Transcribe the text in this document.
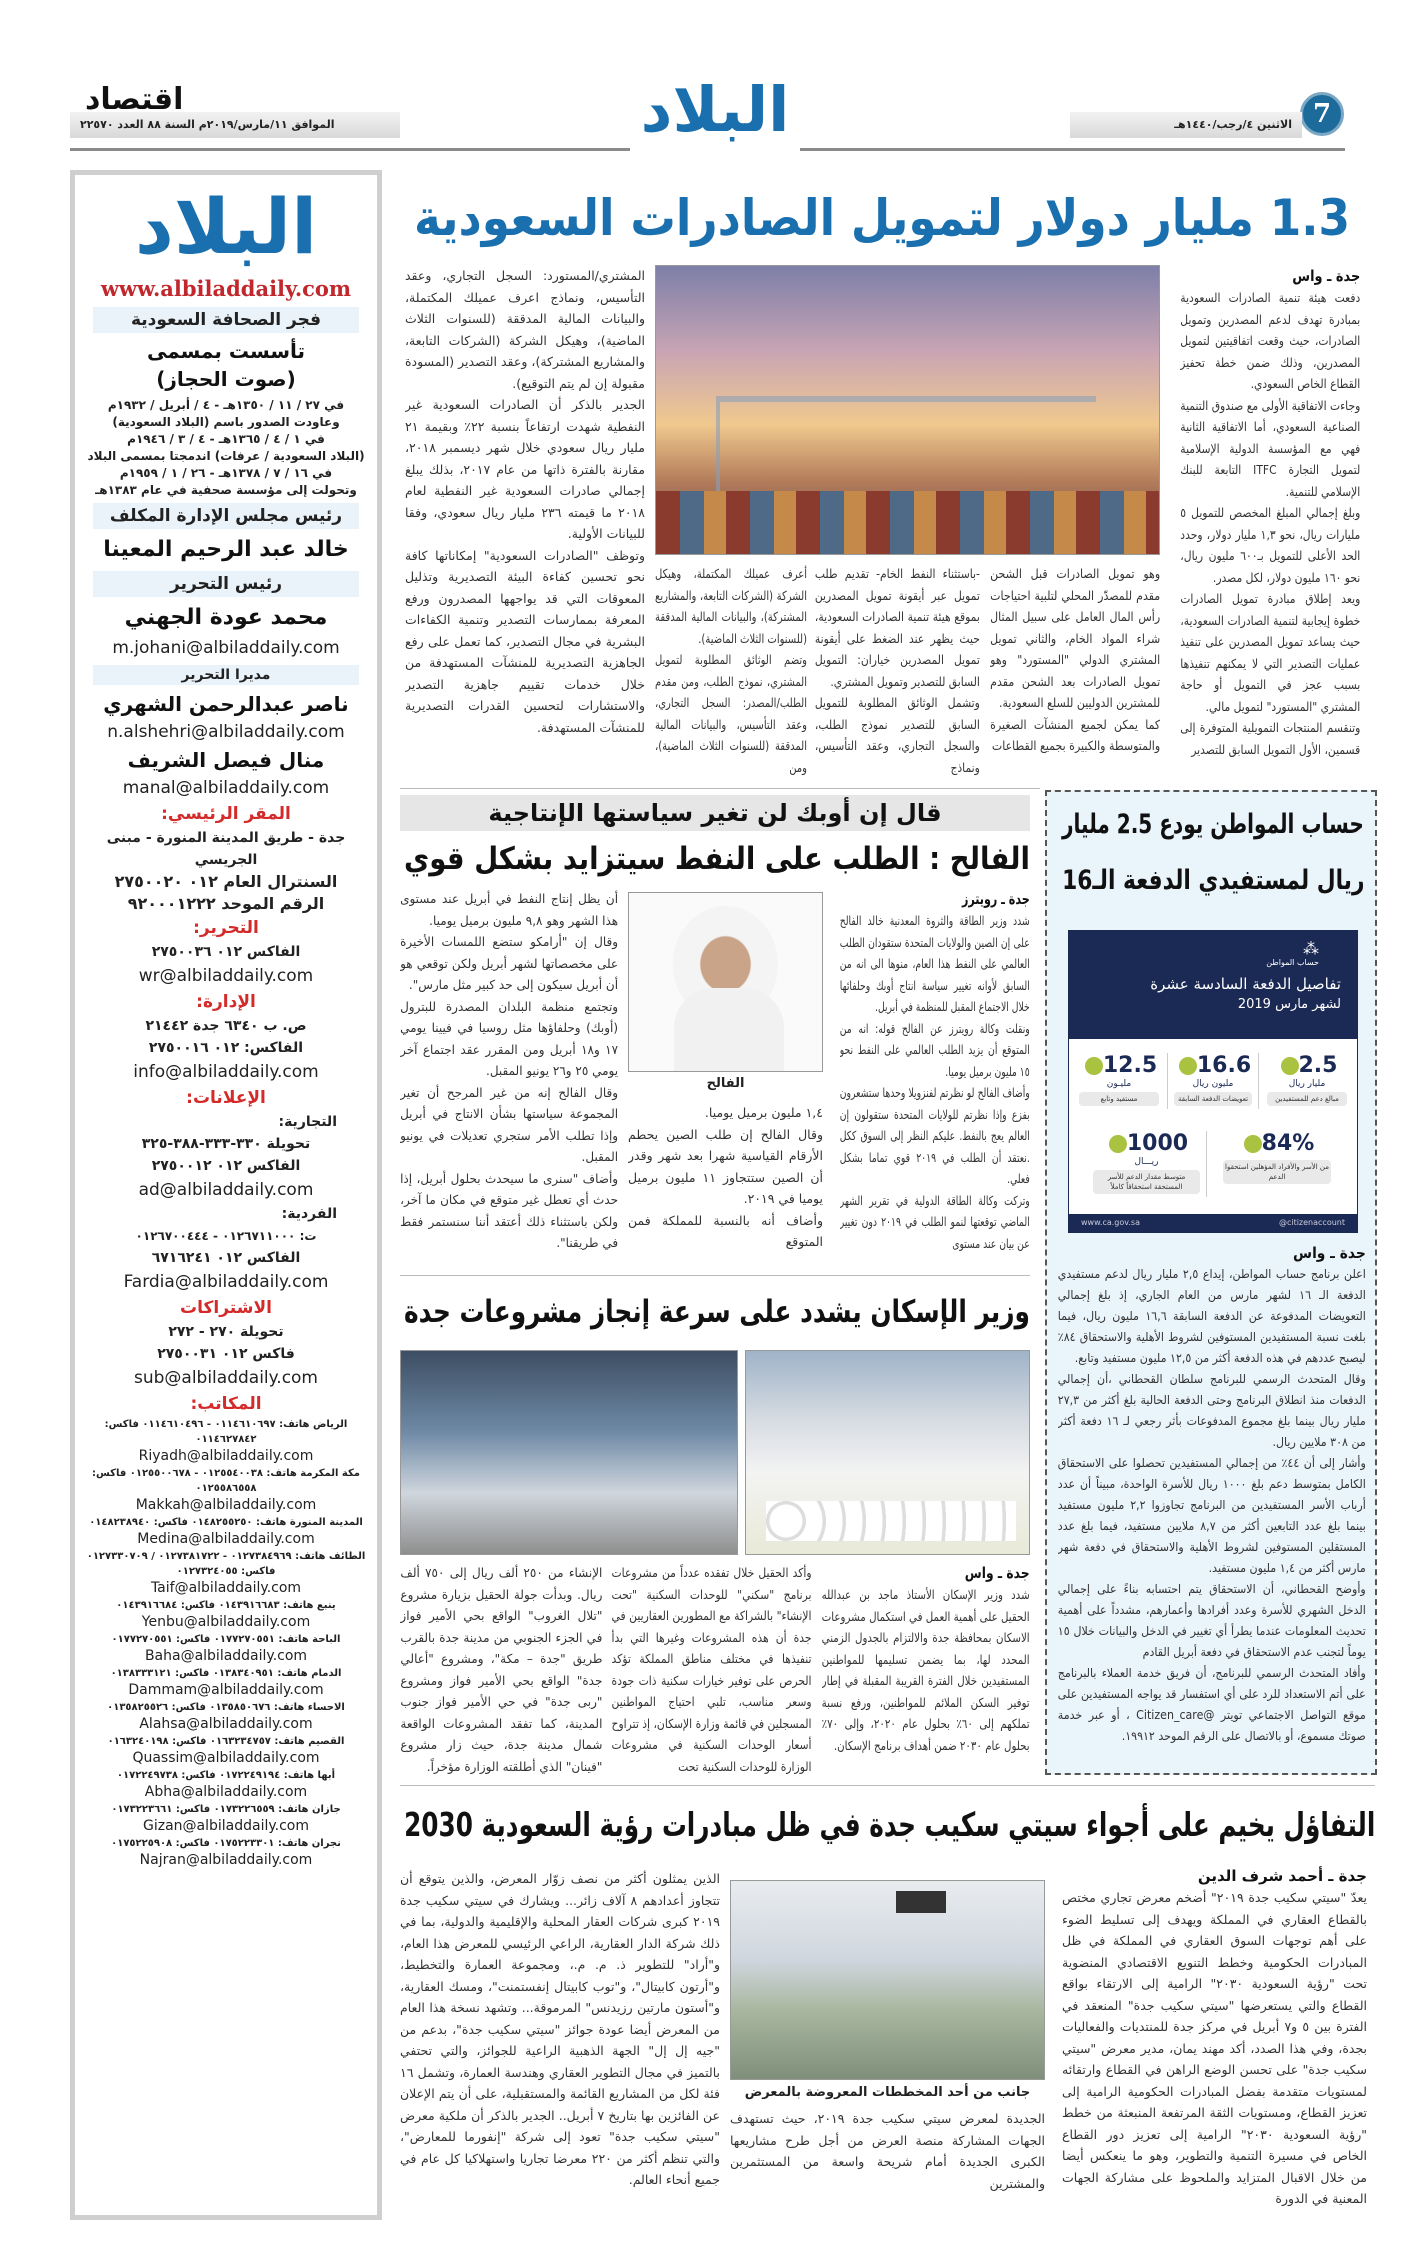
7
الاثنين ٤/رجب/١٤٤٠هـ
البلاد
الموافق ١١/مارس/٢٠١٩م السنة ٨٨ العدد ٢٢٥٧٠
اقتصاد
البلاد
www.albiladdaily.com
فجر الصحافة السعودية
تأسست بمسمى
(صوت الحجاز)
في ٢٧ / ١١ / ١٣٥٠هـ - ٤ / أبريل / ١٩٣٢م
وعاودت الصدور باسم (البلاد السعودية)
في ١ / ٤ / ١٣٦٥هـ - ٤ / ٣ / ١٩٤٦م
(البلاد السعودية / عرفات) اندمجتا بمسمى البلاد
في ١٦ / ٧ / ١٣٧٨هـ - ٢٦ / ١ / ١٩٥٩م
وتحولت إلى مؤسسة صحفية في عام ١٣٨٣هـ
رئيس مجلس الإدارة المكلف
خالد عبد الرحيم المعينا
رئيس التحرير
محمد عودة الجهني
m.johani@albiladdaily.com
مديرا التحرير
ناصر عبدالرحمن الشهري
n.alshehri@albiladdaily.com
منال فيصل الشريف
manal@albiladdaily.com
المقر الرئيسي:
جدة - طريق المدينة المنورة - مبنى الجريسي
السنترال العام ٠١٢ ٢٧٥٠٠٢٠
الرقم الموحد ٩٢٠٠٠١٢٢٢
التحرير:
الفاكس ٠١٢ ٢٧٥٠٠٣٦
wr@albiladdaily.com
الإدارة:
ص. ب ٦٣٤٠ جدة ٢١٤٤٢
الفاكس: ٠١٢ ٢٧٥٠٠١٦
info@albiladdaily.com
الإعلانات:
التجارية:
تحويلة ٣٣٠-٣٣٣-٣٨٨-٣٢٥
الفاكس ٠١٢ ٢٧٥٠٠١٢
ad@albiladdaily.com
الفردية:
ت: ٠١٢٦٧١١٠٠٠ - ٠١٢٦٧٠٠٤٤٤
الفاكس ٠١٢ ٦٧١٦٢٤١
Fardia@albiladdaily.com
الاشتراكات
تحويلة ٢٧٠ - ٢٧٢
فاكس ٠١٢ ٢٧٥٠٠٣١
sub@albiladdaily.com
المكاتب:
الرياض هاتف: ٠١١٤٦١٠٦٩٧ - ٠١١٤٦١٠٤٩٦ فاكس: ٠١١٤٦٢٧٨٤٢
Riyadh@albiladdaily.com
مكة المكرمة هاتف: ٠١٢٥٥٤٠٠٣٨ - ٠١٢٥٥٠٠٦٧٨ فاكس: ٠١٢٥٥٨٦٥٥٨
Makkah@albiladdaily.com
المدينة المنورة هاتف: ٠١٤٨٢٥٥٢٥٠ فاكس: ٠١٤٨٢٣٨٩٤٠
Medina@albiladdaily.com
الطائف هاتف: ٠١٢٧٣٨٤٩٦٩ - ٠١٢٧٣٨١٧٢٢ / ٠١٢٧٣٣٠٧٠٩ فاكس: ٠١٢٧٣٢٤٠٥٥
Taif@albiladdaily.com
ينبع هاتف: ٠١٤٣٩١٦٦٨٣ فاكس: ٠١٤٣٩١٦٦٨٤
Yenbu@albiladdaily.com
الباحة هاتف: ٠١٧٧٢٧٠٥٥١ فاكس: ٠١٧٧٢٧٠٥٥١
Baha@albiladdaily.com
الدمام هاتف: ٠١٣٨٣٤٠٩٥١ فاكس: ٠١٣٨٣٣٣١٢١
Dammam@albiladdaily.com
الاحساء هاتف: ٠١٣٥٨٥٠٦٧٦ فاكس: ٠١٣٥٨٢٥٥٢٦
Alahsa@albiladdaily.com
القصيم هاتف: ٠١٦٣٢٣٤٧٥٧ فاكس: ٠١٦٣٢٤٠١٩٨
Quassim@albiladdaily.com
أبها هاتف: ٠١٧٢٢٤٩١٩٤ فاكس: ٠١٧٢٢٤٩٧٣٨
Abha@albiladdaily.com
جازان هاتف: ٠١٧٣٢٢٦٥٥٩ فاكس: ٠١٧٣٢٢٣٦٦١
Gizan@albiladdaily.com
نجران هاتف: ٠١٧٥٢٢٣٣٠١ فاكس: ٠١٧٥٢٢٥٩٠٨
Najran@albiladdaily.com
1.3 مليار دولار لتمويل الصادرات السعودية
جدة ـ واس

دفعت هيئة تنمية الصادرات السعودية بمبادرة تهدف لدعم المصدرين وتمويل الصادرات، حيث وقعت اتفاقيتين لتمويل المصدرين، وذلك ضمن خطة تحفيز القطاع الخاص السعودي.

وجاءت الاتفاقية الأولى مع صندوق التنمية الصناعية السعودي، أما الاتفاقية الثانية فهي مع المؤسسة الدولية الإسلامية لتمويل التجارة ITFC التابعة للبنك الإسلامي للتنمية.

وبلغ إجمالي المبلغ المخصص للتمويل ٥ مليارات ريال، نحو ١,٣ مليار دولار، وحدد الحد الأعلى للتمويل بـ٦٠٠ مليون ريال، نحو ١٦٠ مليون دولار، لكل مصدر.

ويعد إطلاق مبادرة تمويل الصادرات خطوة إيجابية لتنمية الصادرات السعودية، حيث يساعد تمويل المصدرين على تنفيذ عمليات التصدير التي لا يمكنهم تنفيذها بسبب عجز في التمويل أو حاجة المشتري "المستورد" لتمويل مالي.

وتنقسم المنتجات التمويلية المتوفرة إلى قسمين، الأول التمويل السابق للتصدير

وهو تمويل الصادرات قبل الشحن مقدم للمصدّر المحلي لتلبية احتياجات رأس المال العامل على سبيل المثال شراء المواد الخام، والثاني تمويل المشتري الدولي "المستورد" وهو تمويل الصادرات بعد الشحن مقدم للمشترين الدوليين للسلع السعودية.

كما يمكن لجميع المنشآت الصغيرة والمتوسطة والكبيرة بجميع القطاعات

-باستثناء النفط الخام- تقديم طلب تمويل عبر أيقونة تمويل المصدرين بموقع هيئة تنمية الصادرات السعودية، حيث يظهر عند الضغط على أيقونة تمويل المصدرين خياران: التمويل السابق للتصدير وتمويل المشتري.

وتشمل الوثائق المطلوبة للتمويل السابق للتصدير نموذج الطلب، والسجل التجاري، وعقد التأسيس، ونماذج

أعرف عميلك المكتملة، وهيكل الشركة (الشركات التابعة، والمشاريع المشتركة)، والبيانات المالية المدققة (للسنوات الثلاث الماضية).

وتضم الوثائق المطلوبة لتمويل المشتري، نموذج الطلب، ومن مقدم الطلب/المصدر: السجل التجاري، وعقد التأسيس، والبيانات المالية المدققة (للسنوات الثلاث الماضية)، ومن

المشتري/المستورد: السجل التجاري، وعقد التأسيس، ونماذج اعرف عميلك المكتملة، والبيانات المالية المدققة (للسنوات الثلاث الماضية)، وهيكل الشركة (الشركات التابعة، والمشاريع المشتركة)، وعقد التصدير (المسودة مقبولة إن لم يتم التوقيع).

الجدير بالذكر أن الصادرات السعودية غير النفطية شهدت ارتفاعاً بنسبة ٢٢٪ وبقيمة ٢١ مليار ريال سعودي خلال شهر ديسمبر ٢٠١٨، مقارنة بالفترة ذاتها من عام ٢٠١٧، بذلك يبلغ إجمالي صادرات السعودية غير النفطية لعام ٢٠١٨ ما قيمته ٢٣٦ مليار ريال سعودي، وفقا للبيانات الأولية.

وتوظف "الصادرات السعودية" إمكاناتها كافة نحو تحسين كفاءة البيئة التصديرية وتذليل المعوقات التي قد يواجهها المصدرون ورفع المعرفة بممارسات التصدير وتنمية الكفاءات البشرية في مجال التصدير، كما تعمل على رفع الجاهزية التصديرية للمنشآت المستهدفة من خلال خدمات تقييم جاهزية التصدير والاستشارات لتحسين القدرات التصديرية للمنشآت المستهدفة.

قال إن أوبك لن تغير سياستها الإنتاجية
الفالح : الطلب على النفط سيتزايد بشكل قوي
جدة ـ رويترز

شدد وزير الطاقة والثروة المعدنية خالد الفالح على إن الصين والولايات المتحدة ستقودان الطلب العالمي على النفط هذا العام، منوها الى انه من السابق لأوانه تغيير سياسة انتاج أوبك وحلفائها خلال الاجتماع المقبل للمنظمة في أبريل.

ونقلت وكالة رويترز عن الفالح قوله: انه من المتوقع أن يزيد الطلب العالمي على النفط نحو ١٥ مليون برميل يوميا.

وأضاف الفالح لو نظرتم لفنزويلا وحدها ستشعرون بفزع وإذا نظرتم للولايات المتحدة ستقولون إن العالم يعج بالنفط. عليكم النظر إلى السوق ككل .نعتقد أن الطلب في ٢٠١٩ قوي تماما بشكل فعلي.

وتركت وكالة الطاقة الدولية في تقرير الشهر الماضي توقعتها لنمو الطلب في ٢٠١٩ دون تغيير عن بيان عند مستوى

الفالح

١,٤ مليون برميل يوميا.

وقال الفالح إن طلب الصين يحطم الأرقام القياسية شهرا بعد شهر وقدر أن الصين ستتجاوز ١١ مليون برميل يوميا في ٢٠١٩.

وأضاف أنه بالنسبة للمملكة فمن المتوقع

أن يظل إنتاج النفط في أبريل عند مستوى هذا الشهر وهو ٩,٨ مليون برميل يوميا.

وقال إن "أرامكو ستضع اللمسات الأخيرة على مخصصاتها لشهر أبريل ولكن توقعي هو أن أبريل سيكون إلى حد كبير مثل مارس".

وتجتمع منظمة البلدان المصدرة للبترول (أوبك) وحلفاؤها مثل روسيا في فيينا يومي ١٧ و١٨ أبريل ومن المقرر عقد اجتماع آخر يومي ٢٥ و٢٦ يونيو المقبل.

وقال الفالح إنه من غير المرجح أن تغير المجموعة سياستها بشأن الانتاج في أبريل وإذا تطلب الأمر ستجري تعديلات في يونيو المقبل.

وأضاف "سنرى ما سيحدث بحلول أبريل، إذا حدث أي تعطل غير متوقع في مكان ما آخر، ولكن باستثناء ذلك أعتقد أننا سنستمر فقط في طريقنا".

حساب المواطن يودع 2.5 مليار
ريال لمستفيدي الدفعة الـ16
⁂
حساب المواطن
تفاصيل الدفعة السادسة عشرة
لشهر مارس 2019
2.5
مليار ريال
مبالغ دعم للمستفيدين
16.6
مليون ريال
تعويضات الدفعة السابقة
12.5
مليـون
مستفيد وتابع
84%
من الأسر والأفراد المؤهلين استحقوا الدعم
1000
ريـــال
متوسط مقدار الدعم للأسر المستحقة استحقاقاً كاملاً
www.ca.gov.sa	@citizenaccount
جدة ـ واس

اعلن برنامج حساب المواطن، إيداع ٢,٥ مليار ريال لدعم مستفيدي الدفعة الـ ١٦ لشهر مارس من العام الجاري، إذ بلغ إجمالي التعويضات المدفوعة عن الدفعة السابقة ١٦,٦ مليون ريال، فيما بلغت نسبة المستفيدين المستوفين لشروط الأهلية والاستحقاق ٨٤٪ ليصبح عددهم في هذه الدفعة أكثر من ١٢,٥ مليون مستفيد وتابع.

وقال المتحدث الرسمي للبرنامج سلطان القحطاني ،أن إجمالي الدفعات منذ انطلاق البرنامج وحتى الدفعة الحالية بلغ أكثر من ٢٧,٣ مليار ريال بينما بلغ مجموع المدفوعات بأثر رجعي لـ ١٦ دفعة أكثر من ٣٠٨ ملايين ريال.

وأشار إلى أن ٤٤٪ من إجمالي المستفيدين تحصلوا على الاستحقاق الكامل بمتوسط دعم بلغ ١٠٠٠ ريال للأسرة الواحدة، مبيناً أن عدد أرباب الأسر المستفيدين من البرنامج تجاوزوا ٢,٢ مليون مستفيد بينما بلغ عدد التابعين أكثر من ٨,٧ ملايين مستفيد، فيما بلغ عدد المستقلين المستوفين لشروط الأهلية والاستحقاق في دفعة شهر مارس أكثر من ١,٤ مليون مستفيد.

وأوضح القحطاني، أن الاستحقاق يتم احتسابه بناءً على إجمالي الدخل الشهري للأسرة وعدد أفرادها وأعمارهم، مشدداً على أهمية تحديث المعلومات عندما يطرأ أي تغيير في الدخل والبيانات خلال ١٥ يوماً لتجنب عدم الاستحقاق في دفعة أبريل القادم

وأفاد المتحدث الرسمي للبرنامج، أن فريق خدمة العملاء بالبرنامج على أتم الاستعداد للرد على أي استفسار قد يواجه المستفيدين على موقع التواصل الاجتماعي تويتر @Citizen_care ، أو عبر خدمة صوتك مسموع، أو بالاتصال على الرقم الموحد ١٩٩١٢.

وزير الإسكان يشدد على سرعة إنجاز مشروعات جدة
جدة ـ واس

شدد وزير الإسكان الأستاذ ماجد بن عبدالله الحقيل على أهمية العمل في استكمال مشروعات الاسكان بمحافظة جدة والالتزام بالجدول الزمني المحدد لها، بما يضمن تسليمها للمواطنين المستفيدين خلال الفترة القريبة المقبلة في إطار توفير السكن الملائم للمواطنين، ورفع نسبة تملكهم إلى ٦٠٪ بحلول عام ٢٠٢٠، وإلى ٧٠٪ بحلول عام ٢٠٣٠ ضمن أهداف برنامج الإسكان.

وأكد الحقيل خلال تفقده عدداً من مشروعات برنامج "سكني" للوحدات السكنية "تحت الإنشاء" بالشراكة مع المطورين العقاريين في جدة أن هذه المشروعات وغيرها التي بدأ تنفيذها في مختلف مناطق المملكة تؤكد الحرص على توفير خيارات سكنية ذات جودة وسعر مناسب، تلبي احتياج المواطنين المسجلين في قائمة وزارة الإسكان، إذ تتراوح أسعار الوحدات السكنية في مشروعات الوزارة للوحدات السكنية تحت

الإنشاء من ٢٥٠ ألف ريال إلى ٧٥٠ ألف ريال. وبدأت جولة الحقيل بزيارة مشروع "تلال الغروب" الواقع بحي الأمير فواز في الجزء الجنوبي من مدينة جدة بالقرب طريق "جدة – مكة"، ومشروع "أعالي جدة" الواقع بحي الأمير فواز ومشروع "ربى جدة" في حي الأمير فواز جنوب المدينة، كما تفقد المشروعات الواقعة شمال مدينة جدة، حيث زار مشروع "فينان" الذي أطلقته الوزارة مؤخراً.

التفاؤل يخيم على أجواء سيتي سكيب جدة في ظل مبادرات رؤية السعودية 2030
جدة ـ أحمد شرف الدين

يعدّ "سيتي سكيب جدة ٢٠١٩" أضخم معرض تجاري مختص بالقطاع العقاري في المملكة ويهدف إلى تسليط الضوء على أهم توجهات السوق العقاري في المملكة في ظل المبادرات الحكومية وخطط التنويع الاقتصادي المنضوية تحت "رؤية السعودية ٢٠٣٠" الرامية إلى الارتقاء بواقع القطاع والتي يستعرضها "سيتي سكيب جدة" المنعقد في الفترة بين ٥ و٧ أبريل في مركز جدة للمنتديات والفعاليات بجدة، وفي هذا الصدد، أكد مهند يمان، مدير معرض "سيتي سكيب جدة" على تحسن الوضع الراهن في القطاع وارتقائه لمستويات متقدمة بفضل المبادرات الحكومية الرامية إلى تعزيز القطاع، ومستويات الثقة المرتفعة المنبعثة من خطط "رؤية السعودية ٢٠٣٠" الرامية إلى تعزيز دور القطاع الخاص في مسيرة التنمية والتطوير، وهو ما ينعكس أيضا من خلال الاقبال المتزايد والملحوظ على مشاركة الجهات المعنية في الدورة

جانب من أحد المخططات المعروضة بالمعرض

الجديدة لمعرض سيتي سكيب جدة ٢٠١٩، حيث تستهدف الجهات المشاركة منصة العرض من أجل طرح مشاريعها الكبرى الجديدة أمام شريحة واسعة من المستثمرين والمشترين

الذين يمثلون أكثر من نصف زوّار المعرض، والذين يتوقع أن تتجاوز أعدادهم ٨ آلاف زائر... ويشارك في سيتي سكيب جدة ٢٠١٩ كبرى شركات العقار المحلية والإقليمية والدولية، بما في ذلك شركة الدار العقارية، الراعي الرئيسي للمعرض هذا العام، و"أراد" للتطوير ذ. م. م.، ومجموعة العمارة والتخطيط، و"أرتون كابيتال"، و"توب كابيتال إنفستمنت"، ومسك العقارية، و"أستون مارتين رزيدنس" المرموقة... وتشهد نسخة هذا العام من المعرض أيضا عودة جوائز "سيتي سكيب جدة"، بدعم من "جيه إل إل" الجهة الذهبية الراعية للجوائز، والتي تحتفي بالتميز في مجال التطوير العقاري وهندسة العمارة، وتشمل ١٦ فئة لكل من المشاريع القائمة والمستقبلية، على أن يتم الإعلان عن الفائزين بها بتاريخ ٧ أبريل.. الجدير بالذكر أن ملكية معرض "سيتي سكيب جدة" تعود إلى شركة "إنفورما للمعارض"، والتي تنظم أكثر من ٢٢٠ معرضا تجاريا واستهلاكيا كل عام في جميع أنحاء العالم.
